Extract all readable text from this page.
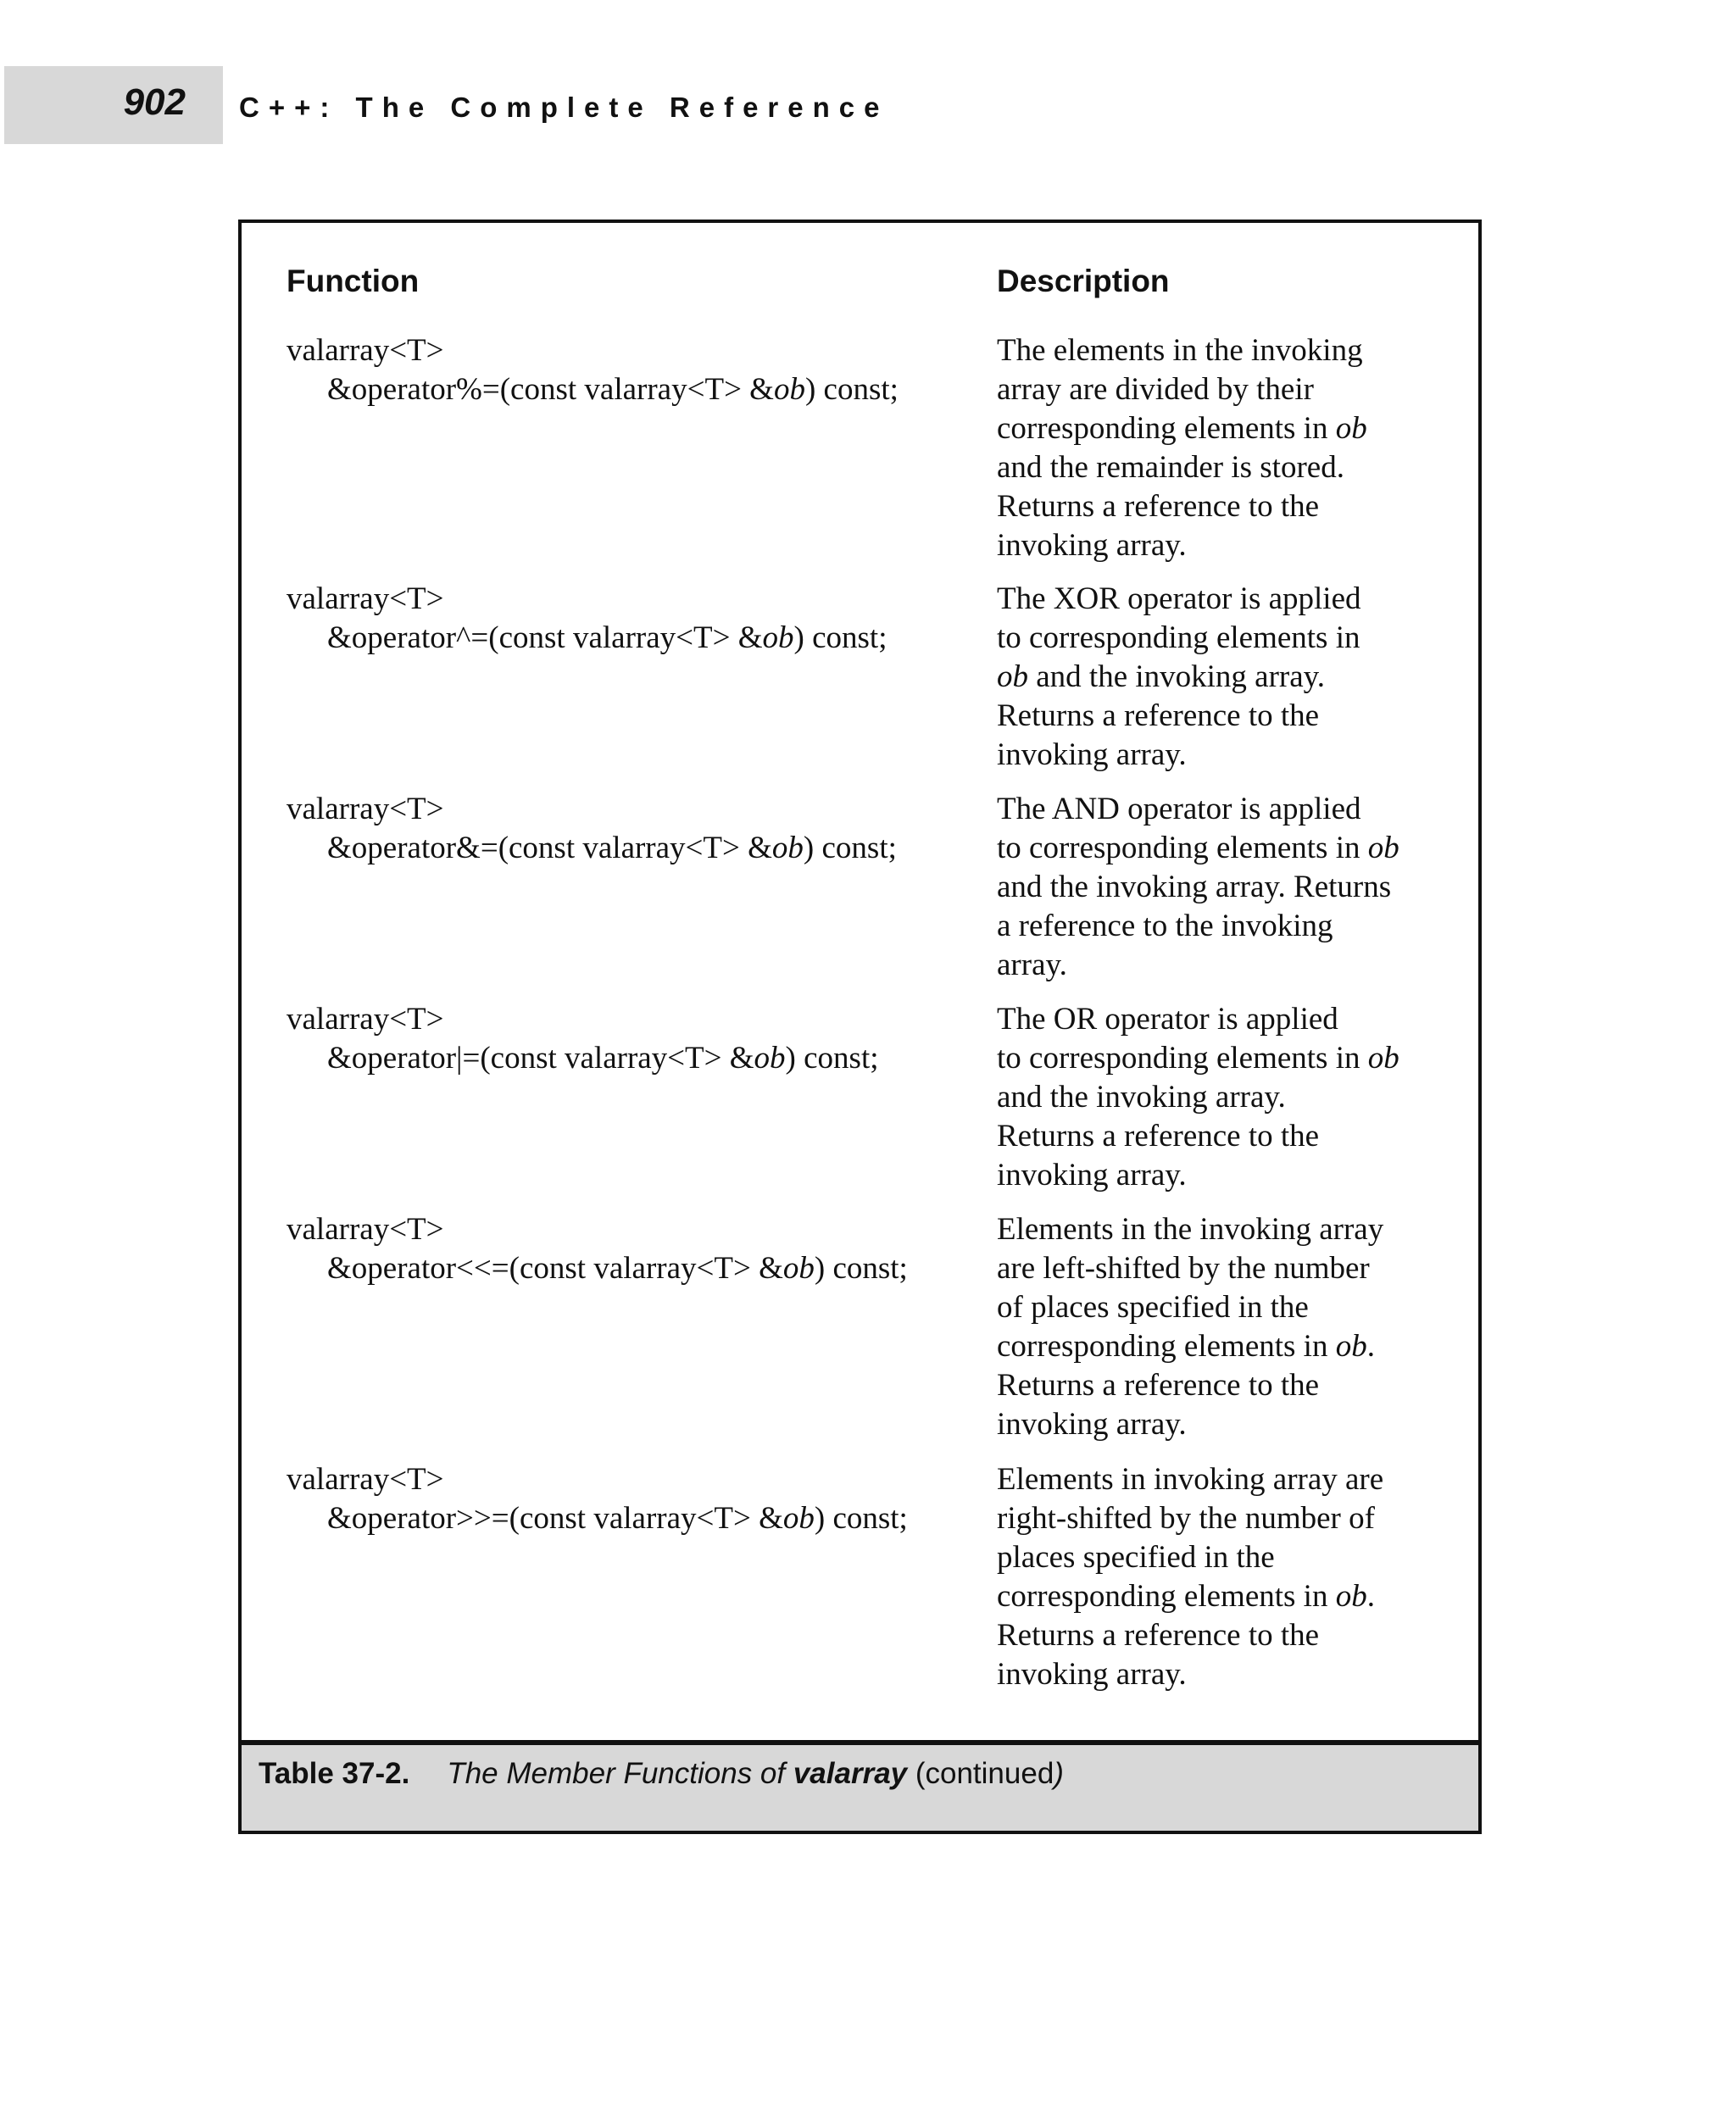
902 C++: The Complete Reference
Function	Description
valarray<T>
&operator%=(const valarray<T> &ob) const;
The elements in the invoking
array are divided by their
corresponding elements in ob
and the remainder is stored.
Returns a reference to the
invoking array.
valarray<T>
&operator^=(const valarray<T> &ob) const;
The XOR operator is applied
to corresponding elements in
ob and the invoking array.
Returns a reference to the
invoking array.
valarray<T>
&operator&=(const valarray<T> &ob) const;
The AND operator is applied
to corresponding elements in ob
and the invoking array. Returns
a reference to the invoking
array.
valarray<T>
&operator|=(const valarray<T> &ob) const;
The OR operator is applied
to corresponding elements in ob
and the invoking array.
Returns a reference to the
invoking array.
valarray<T>
&operator<<=(const valarray<T> &ob) const;
Elements in the invoking array
are left-shifted by the number
of places specified in the
corresponding elements in ob.
Returns a reference to the
invoking array.
valarray<T>
&operator>>=(const valarray<T> &ob) const;
Elements in invoking array are
right-shifted by the number of
places specified in the
corresponding elements in ob.
Returns a reference to the
invoking array.
Table 37-2. The Member Functions of valarray (continued)
